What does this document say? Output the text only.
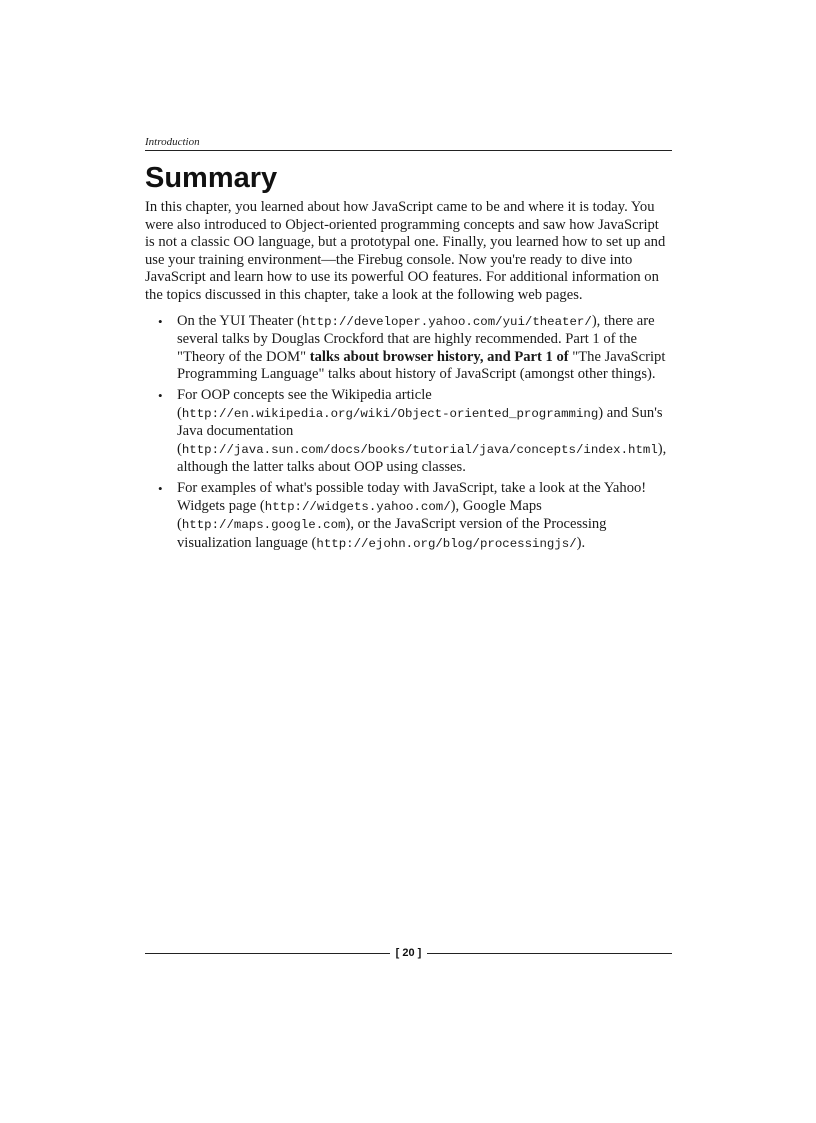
Introduction
Summary

In this chapter, you learned about how JavaScript came to be and where it is today. You were also introduced to Object-oriented programming concepts and saw how JavaScript is not a classic OO language, but a prototypal one. Finally, you learned how to set up and use your training environment—the Firebug console. Now you're ready to dive into JavaScript and learn how to use its powerful OO features. For additional information on the topics discussed in this chapter, take a look at the following web pages.

• On the YUI Theater (http://developer.yahoo.com/yui/theater/), there are several talks by Douglas Crockford that are highly recommended. Part 1 of the "Theory of the DOM" talks about browser history, and Part 1 of "The JavaScript Programming Language" talks about history of JavaScript (amongst other things).
• For OOP concepts see the Wikipedia article (http://en.wikipedia.org/wiki/Object-oriented_programming) and Sun's Java documentation (http://java.sun.com/docs/books/tutorial/java/concepts/index.html), although the latter talks about OOP using classes.
• For examples of what's possible today with JavaScript, take a look at the Yahoo! Widgets page (http://widgets.yahoo.com/), Google Maps (http://maps.google.com), or the JavaScript version of the Processing visualization language (http://ejohn.org/blog/processingjs/).
[ 20 ]
